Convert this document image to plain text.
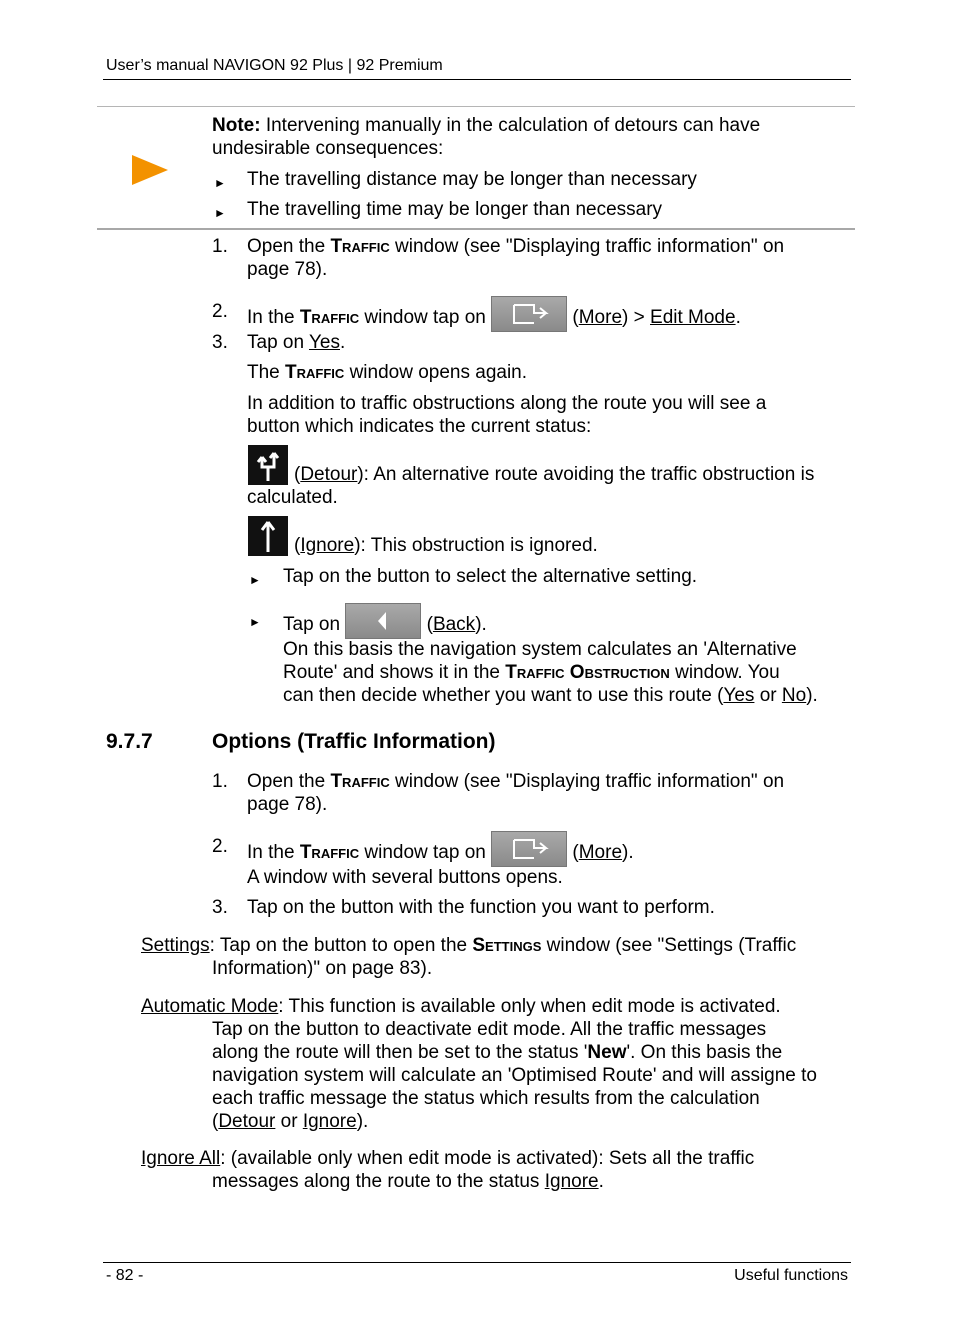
User’s manual NAVIGON 92 Plus | 92 Premium
Note: Intervening manually in the calculation of detours can have
undesirable consequences:
► The travelling distance may be longer than necessary
► The travelling time may be longer than necessary
1. Open the Traffic window (see "Displaying traffic information" on
page 78).
2. In the Traffic window tap on	(More) > Edit Mode.
3. Tap on Yes.
The Traffic window opens again.
In addition to traffic obstructions along the route you will see a
button which indicates the current status:
(Detour): An alternative route avoiding the traffic obstruction is
calculated.
(Ignore): This obstruction is ignored.
► Tap on the button to select the alternative setting.
► Tap on	(Back).
On this basis the navigation system calculates an 'Alternative
Route' and shows it in the Traffic Obstruction window. You
can then decide whether you want to use this route (Yes or No).
9.7.7	Options (Traffic Information)
1. Open the Traffic window (see "Displaying traffic information" on
page 78).
2. In the Traffic window tap on	(More).
A window with several buttons opens.
3. Tap on the button with the function you want to perform.
Settings: Tap on the button to open the Settings window (see "Settings (Traffic
Information)" on page 83).
Automatic Mode: This function is available only when edit mode is activated.
Tap on the button to deactivate edit mode. All the traffic messages
along the route will then be set to the status 'New'. On this basis the
navigation system will calculate an 'Optimised Route' and will assigne to
each traffic message the status which results from the calculation
(Detour or Ignore).
Ignore All: (available only when edit mode is activated): Sets all the traffic
messages along the route to the status Ignore.
- 82 -	Useful functions
